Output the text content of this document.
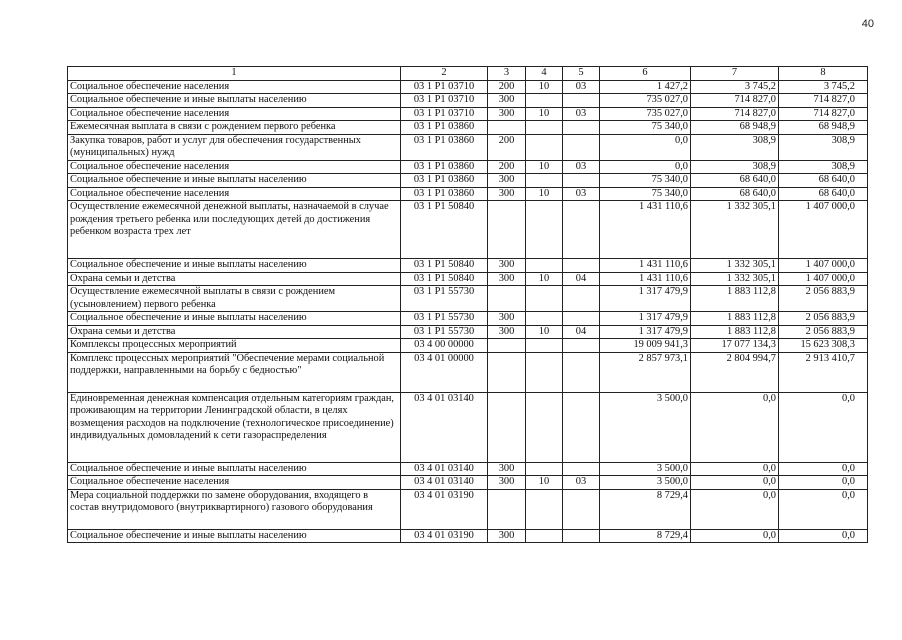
40
1	2	3	4	5	6	7	8
Социальное обеспечение населения	03 1 Р1 03710	200	10	03	1 427,2	3 745,2	3 745,2
Социальное обеспечение и иные выплаты населению	03 1 Р1 03710	300			735 027,0	714 827,0	714 827,0
Социальное обеспечение населения	03 1 Р1 03710	300	10	03	735 027,0	714 827,0	714 827,0
Ежемесячная выплата в связи с рождением первого ребенка	03 1 Р1 03860				75 340,0	68 948,9	68 948,9
Закупка товаров, работ и услуг для обеспечения государственных (муниципальных) нужд	03 1 Р1 03860	200			0,0	308,9	308,9
Социальное обеспечение населения	03 1 Р1 03860	200	10	03	0,0	308,9	308,9
Социальное обеспечение и иные выплаты населению	03 1 Р1 03860	300			75 340,0	68 640,0	68 640,0
Социальное обеспечение населения	03 1 Р1 03860	300	10	03	75 340,0	68 640,0	68 640,0
Осуществление ежемесячной денежной выплаты, назначаемой в случае рождения третьего ребенка или последующих детей до достижения ребенком возраста трех лет	03 1 Р1 50840				1 431 110,6	1 332 305,1	1 407 000,0
Социальное обеспечение и иные выплаты населению	03 1 Р1 50840	300			1 431 110,6	1 332 305,1	1 407 000,0
Охрана семьи и детства	03 1 Р1 50840	300	10	04	1 431 110,6	1 332 305,1	1 407 000,0
Осуществление ежемесячной выплаты в связи с рождением (усыновлением) первого ребенка	03 1 Р1 55730				1 317 479,9	1 883 112,8	2 056 883,9
Социальное обеспечение и иные выплаты населению	03 1 Р1 55730	300			1 317 479,9	1 883 112,8	2 056 883,9
Охрана семьи и детства	03 1 Р1 55730	300	10	04	1 317 479,9	1 883 112,8	2 056 883,9
Комплексы процессных мероприятий	03 4 00 00000				19 009 941,3	17 077 134,3	15 623 308,3
Комплекс процессных мероприятий "Обеспечение мерами социальной поддержки, направленными на борьбу с бедностью"	03 4 01 00000				2 857 973,1	2 804 994,7	2 913 410,7
Единовременная денежная компенсация отдельным категориям граждан, проживающим на территории Ленинградской области, в целях возмещения расходов на подключение (технологическое присоединение) индивидуальных домовладений к сети газораспределения	03 4 01 03140				3 500,0	0,0	0,0
Социальное обеспечение и иные выплаты населению	03 4 01 03140	300			3 500,0	0,0	0,0
Социальное обеспечение населения	03 4 01 03140	300	10	03	3 500,0	0,0	0,0
Мера социальной поддержки по замене оборудования, входящего в состав внутридомового (внутриквартирного) газового оборудования	03 4 01 03190				8 729,4	0,0	0,0
Социальное обеспечение и иные выплаты населению	03 4 01 03190	300			8 729,4	0,0	0,0
